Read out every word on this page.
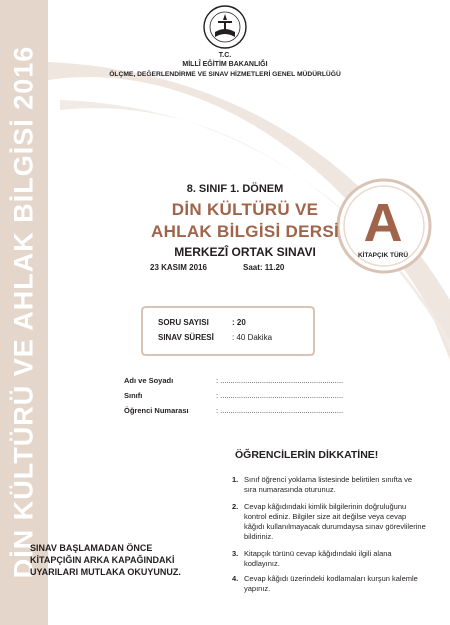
DİN KÜLTÜRÜ VE AHLAK BİLGİSİ 2016	T.C.
MİLLÎ EĞİTİM BAKANLIĞI
ÖLÇME, DEĞERLENDİRME VE SINAV HİZMETLERİ GENEL MÜDÜRLÜĞÜ
A
KİTAPÇIK TÜRÜ
8. SINIF 1. DÖNEM
DİN KÜLTÜRÜ VE
AHLAK BİLGİSİ DERSİ
MERKEZÎ ORTAK SINAVI
23 KASIM 2016	Saat: 11.20
SORU SAYISI	: 20
SINAV SÜRESİ : 40 Dakika
Adı ve Soyadı	: ...........................................................
Sınıfı	: ...........................................................
Öğrenci Numarası	: ...........................................................
ÖĞRENCİLERİN DİKKATİNE!
1. Sınıf öğrenci yoklama listesinde belirtilen sınıfta ve sıra numarasında oturunuz.
2. Cevap kâğıdındaki kimlik bilgilerinin doğruluğunu kontrol ediniz. Bilgiler size ait değilse veya cevap kâğıdı kullanılmayacak durumdaysa sınav görevlilerine bildiriniz.
3. Kitapçık türünü cevap kâğıdındaki ilgili alana kodlayınız.
4. Cevap kâğıdı üzerindeki kodlamaları kurşun kalemle yapınız.
SINAV BAŞLAMADAN ÖNCE
KİTAPÇIĞIN ARKA KAPAĞINDAKİ
UYARILARI MUTLAKA OKUYUNUZ.
